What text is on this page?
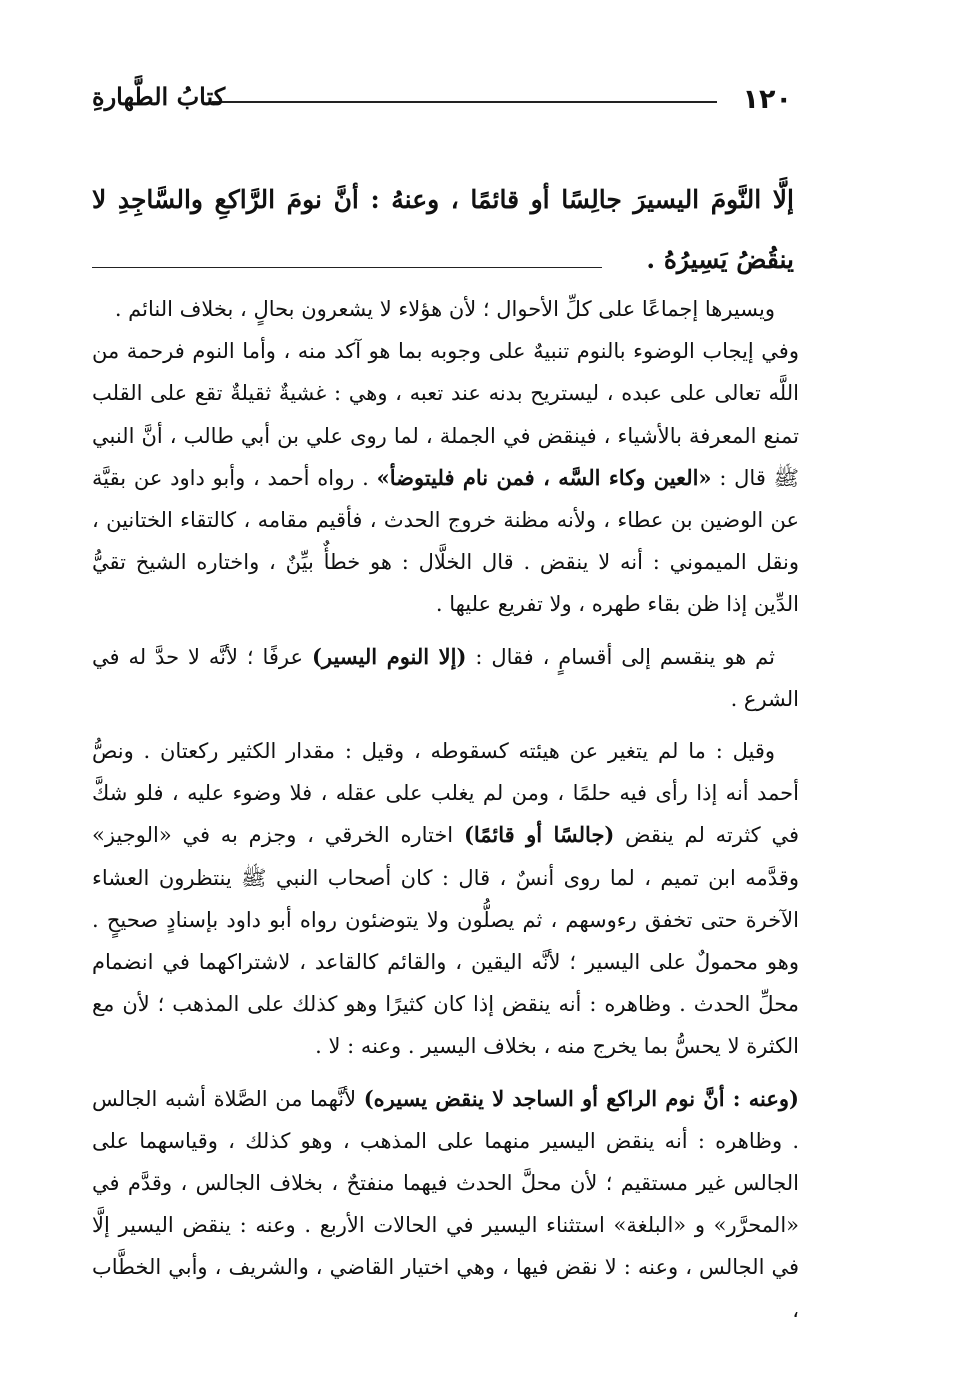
١٢٠
كتابُ الطَّهارةِ
إلَّا النَّومَ اليسيرَ جالِسًا أو قائمًا ، وعنهُ : أنَّ نومَ الرَّاكعِ والسَّاجِدِ لا ينقُضُ يَسِيرُهُ .

ويسيرها إجماعًا على كلِّ الأحوال ؛ لأن هؤلاء لا يشعرون بحالٍ ، بخلاف النائم .

وفي إيجاب الوضوء بالنوم تنبيهٌ على وجوبه بما هو آكد منه ، وأما النوم فرحمة من اللَّه تعالى على عبده ، ليستريح بدنه عند تعبه ، وهي : غشيةٌ ثقيلةٌ تقع على القلب تمنع المعرفة بالأشياء ، فينقض في الجملة ، لما روى علي بن أبي طالب ، أنَّ النبي ﷺ قال : «العين وكاء السَّه ، فمن نام فليتوضأ» . رواه أحمد ، وأبو داود عن بقيَّة عن الوضين بن عطاء ، ولأنه مظنة خروج الحدث ، فأقيم مقامه ، كالتقاء الختانين ، ونقل الميموني : أنه لا ينقض . قال الخلَّال : هو خطأٌ بيِّنٌ ، واختاره الشيخ تقيُّ الدِّين إذا ظن بقاء طهره ، ولا تفريع عليها .

ثم هو ينقسم إلى أقسامٍ ، فقال : (إلا النوم اليسير) عرفًا ؛ لأنَّه لا حدَّ له في الشرع .

وقيل : ما لم يتغير عن هيئته كسقوطه ، وقيل : مقدار الكثير ركعتان . ونصُّ أحمد أنه إذا رأى فيه حلمًا ، ومن لم يغلب على عقله ، فلا وضوء عليه ، فلو شكَّ في كثرته لم ينقض (جالسًا أو قائمًا) اختاره الخرقي ، وجزم به في «الوجيز» وقدَّمه ابن تميم ، لما روى أنسٌ ، قال : كان أصحاب النبي ﷺ ينتظرون العشاء الآخرة حتى تخفق رءوسهم ، ثم يصلُّون ولا يتوضئون رواه أبو داود بإسنادٍ صحيحٍ . وهو محمولٌ على اليسير ؛ لأنَّه اليقين ، والقائم كالقاعد ، لاشتراكهما في انضمام محلِّ الحدث . وظاهره : أنه ينقض إذا كان كثيرًا وهو كذلك على المذهب ؛ لأن مع الكثرة لا يحسُّ بما يخرج منه ، بخلاف اليسير . وعنه : لا .

(وعنه : أنَّ نوم الراكع أو الساجد لا ينقض يسيره) لأنَّهما من الصَّلاة أشبه الجالس . وظاهره : أنه ينقض اليسير منهما على المذهب ، وهو كذلك ، وقياسهما على الجالس غير مستقيم ؛ لأن محلَّ الحدث فيهما منفتحٌ ، بخلاف الجالس ، وقدَّم في «المحرَّر» و «البلغة» استثناء اليسير في الحالات الأربع . وعنه : ينقض اليسير إلَّا في الجالس ، وعنه : لا نقض فيها ، وهي اختيار القاضي ، والشريف ، وأبي الخطَّاب ،
